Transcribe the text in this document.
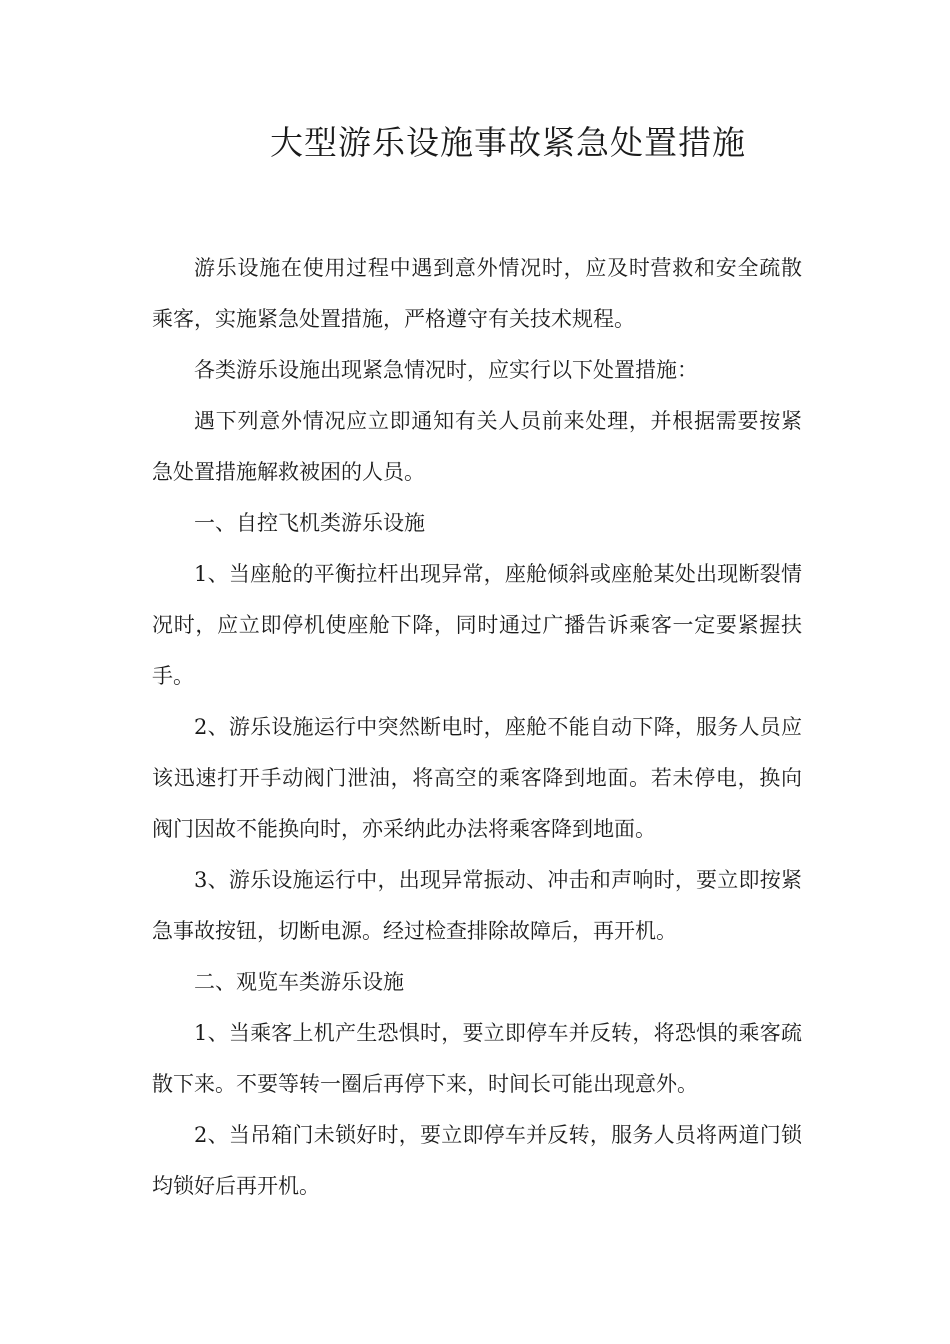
大型游乐设施事故紧急处置措施

游乐设施在使用过程中遇到意外情况时，应及时营救和安全疏散乘客，实施紧急处置措施，严格遵守有关技术规程。

各类游乐设施出现紧急情况时，应实行以下处置措施：

遇下列意外情况应立即通知有关人员前来处理，并根据需要按紧急处置措施解救被困的人员。

一、自控飞机类游乐设施

1、当座舱的平衡拉杆出现异常，座舱倾斜或座舱某处出现断裂情况时，应立即停机使座舱下降，同时通过广播告诉乘客一定要紧握扶手。

2、游乐设施运行中突然断电时，座舱不能自动下降，服务人员应该迅速打开手动阀门泄油，将高空的乘客降到地面。若未停电，换向阀门因故不能换向时，亦采纳此办法将乘客降到地面。

3、游乐设施运行中，出现异常振动、冲击和声响时，要立即按紧急事故按钮，切断电源。经过检查排除故障后，再开机。

二、观览车类游乐设施

1、当乘客上机产生恐惧时，要立即停车并反转，将恐惧的乘客疏散下来。不要等转一圈后再停下来，时间长可能出现意外。

2、当吊箱门未锁好时，要立即停车并反转，服务人员将两道门锁均锁好后再开机。
